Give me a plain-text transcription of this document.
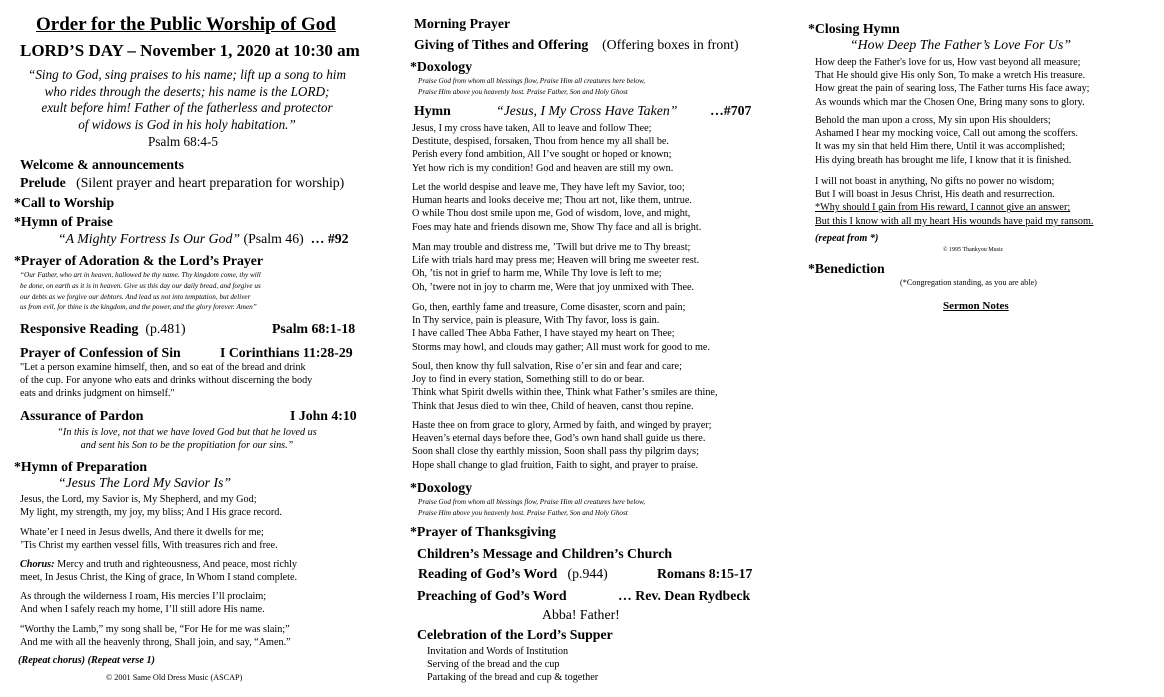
Order for the Public Worship of God
LORD’S DAY – November 1, 2020 at 10:30 am
“Sing to God, sing praises to his name; lift up a song to him
who rides through the deserts; his name is the LORD;
exult before him! Father of the fatherless and protector
of widows is God in his holy habitation.”
Psalm 68:4-5
Welcome & announcements
Prelude (Silent prayer and heart preparation for worship)
*Call to Worship
*Hymn of Praise
“A Mighty Fortress Is Our God” (Psalm 46) … #92
*Prayer of Adoration & the Lord’s Prayer
“Our Father, who art in heaven, hallowed be thy name. Thy kingdom come, thy will
be done, on earth as it is in heaven. Give us this day our daily bread, and forgive us
our debts as we forgive our debtors. And lead us not into temptation, but deliver
us from evil, for thine is the kingdom, and the power, and the glory forever. Amen”
Responsive Reading (p.481)	Psalm 68:1-18
Prayer of Confession of Sin	I Corinthians 11:28-29
"Let a person examine himself, then, and so eat of the bread and drink
of the cup. For anyone who eats and drinks without discerning the body
eats and drinks judgment on himself."
Assurance of Pardon	I John 4:10
“In this is love, not that we have loved God but that he loved us
and sent his Son to be the propitiation for our sins.”
*Hymn of Preparation
“Jesus The Lord My Savior Is”
Jesus, the Lord, my Savior is, My Shepherd, and my God;
My light, my strength, my joy, my bliss; And I His grace record.
Whate’er I need in Jesus dwells, And there it dwells for me;
’Tis Christ my earthen vessel fills, With treasures rich and free.
Chorus: Mercy and truth and righteousness, And peace, most richly
meet, In Jesus Christ, the King of grace, In Whom I stand complete.
As through the wilderness I roam, His mercies I’ll proclaim;
And when I safely reach my home, I’ll still adore His name.
“Worthy the Lamb,” my song shall be, “For He for me was slain;”
And me with all the heavenly throng, Shall join, and say, “Amen.”
(Repeat chorus) (Repeat verse 1)
© 2001 Same Old Dress Music (ASCAP)
Morning Prayer
Giving of Tithes and Offering (Offering boxes in front)
*Doxology
Praise God from whom all blessings flow, Praise Him all creatures here below,
Praise Him above you heavenly host. Praise Father, Son and Holy Ghost
Hymn	“Jesus, I My Cross Have Taken” …#707
Jesus, I my cross have taken, All to leave and follow Thee;
Destitute, despised, forsaken, Thou from hence my all shall be.
Perish every fond ambition, All I’ve sought or hoped or known;
Yet how rich is my condition! God and heaven are still my own.
Let the world despise and leave me, They have left my Savior, too;
Human hearts and looks deceive me; Thou art not, like them, untrue.
O while Thou dost smile upon me, God of wisdom, love, and might,
Foes may hate and friends disown me, Show Thy face and all is bright.
Man may trouble and distress me, ’Twill but drive me to Thy breast;
Life with trials hard may press me; Heaven will bring me sweeter rest.
Oh, ’tis not in grief to harm me, While Thy love is left to me;
Oh, ’twere not in joy to charm me, Were that joy unmixed with Thee.
Go, then, earthly fame and treasure, Come disaster, scorn and pain;
In Thy service, pain is pleasure, With Thy favor, loss is gain.
I have called Thee Abba Father, I have stayed my heart on Thee;
Storms may howl, and clouds may gather; All must work for good to me.
Soul, then know thy full salvation, Rise o’er sin and fear and care;
Joy to find in every station, Something still to do or bear.
Think what Spirit dwells within thee, Think what Father’s smiles are thine,
Think that Jesus died to win thee, Child of heaven, canst thou repine.
Haste thee on from grace to glory, Armed by faith, and winged by prayer;
Heaven’s eternal days before thee, God’s own hand shall guide us there.
Soon shall close thy earthly mission, Soon shall pass thy pilgrim days;
Hope shall change to glad fruition, Faith to sight, and prayer to praise.
*Doxology
Praise God from whom all blessings flow, Praise Him all creatures here below,
Praise Him above you heavenly host. Praise Father, Son and Holy Ghost
*Prayer of Thanksgiving
Children’s Message and Children’s Church
Reading of God’s Word (p.944)	Romans 8:15-17
Preaching of God’s Word	… Rev. Dean Rydbeck
Abba! Father!
Celebration of the Lord’s Supper
Invitation and Words of Institution
Serving of the bread and the cup
Partaking of the bread and cup & together
*Closing Hymn
“How Deep The Father’s Love For Us”
How deep the Father's love for us, How vast beyond all measure;
That He should give His only Son, To make a wretch His treasure.
How great the pain of searing loss, The Father turns His face away;
As wounds which mar the Chosen One, Bring many sons to glory.
Behold the man upon a cross, My sin upon His shoulders;
Ashamed I hear my mocking voice, Call out among the scoffers.
It was my sin that held Him there, Until it was accomplished;
His dying breath has brought me life, I know that it is finished.
I will not boast in anything, No gifts no power no wisdom;
But I will boast in Jesus Christ, His death and resurrection.
*Why should I gain from His reward, I cannot give an answer;
But this I know with all my heart His wounds have paid my ransom.
(repeat from *)
© 1995 Thankyou Music
*Benediction
(*Congregation standing, as you are able)
Sermon Notes
